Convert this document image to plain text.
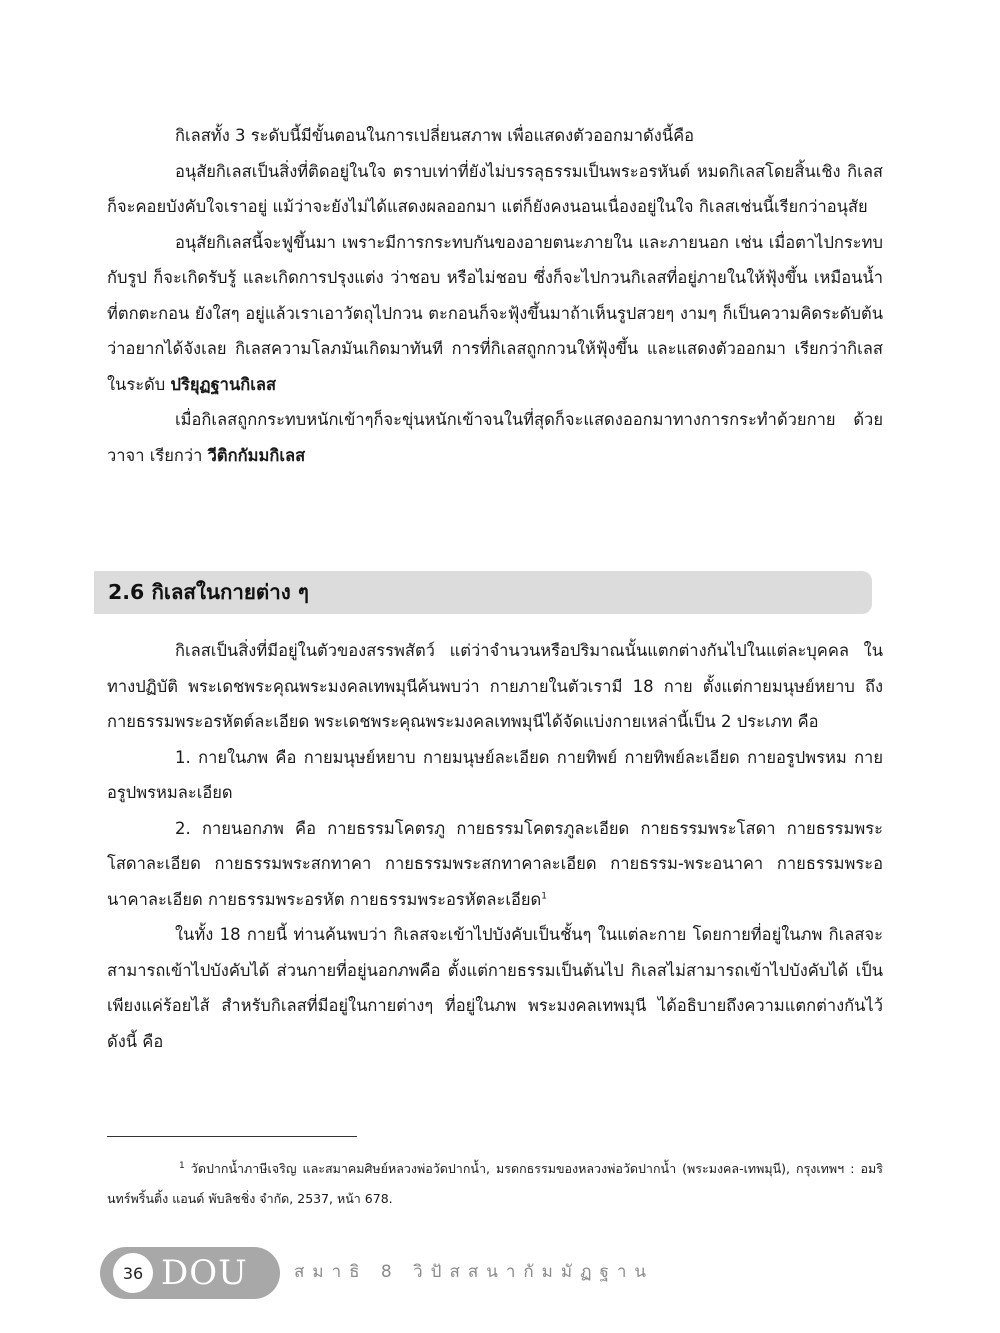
กิเลสทั้ง 3 ระดับนี้มีขั้นตอนในการเปลี่ยนสภาพ เพื่อแสดงตัวออกมาดังนี้คือ

อนุสัยกิเลสเป็นสิ่งที่ติดอยู่ในใจ ตราบเท่าที่ยังไม่บรรลุธรรมเป็นพระอรหันต์ หมดกิเลสโดยสิ้นเชิง กิเลสก็จะคอยบังคับใจเราอยู่ แม้ว่าจะยังไม่ได้แสดงผลออกมา แต่ก็ยังคงนอนเนื่องอยู่ในใจ กิเลสเช่นนี้เรียกว่าอนุสัย

อนุสัยกิเลสนี้จะฟูขึ้นมา เพราะมีการกระทบกันของอายตนะภายใน และภายนอก เช่น เมื่อตาไปกระทบกับรูป ก็จะเกิดรับรู้ และเกิดการปรุงแต่ง ว่าชอบ หรือไม่ชอบ ซึ่งก็จะไปกวนกิเลสที่อยู่ภายในให้ฟุ้งขึ้น เหมือนน้ำที่ตกตะกอน ยังใสๆ อยู่แล้วเราเอาวัตถุไปกวน ตะกอนก็จะฟุ้งขึ้นมาถ้าเห็นรูปสวยๆ งามๆ ก็เป็นความคิดระดับต้น ว่าอยากได้จังเลย กิเลสความโลภมันเกิดมาทันที การที่กิเลสถูกกวนให้ฟุ้งขึ้น และแสดงตัวออกมา เรียกว่ากิเลสในระดับ ปริยุฏฐานกิเลส

เมื่อกิเลสถูกกระทบหนักเข้าๆก็จะขุ่นหนักเข้าจนในที่สุดก็จะแสดงออกมาทางการกระทำด้วยกาย ด้วยวาจา เรียกว่า วีติกกัมมกิเลส

2.6 กิเลสในกายต่าง ๆ

กิเลสเป็นสิ่งที่มีอยู่ในตัวของสรรพสัตว์ แต่ว่าจำนวนหรือปริมาณนั้นแตกต่างกันไปในแต่ละบุคคล ในทางปฏิบัติ พระเดชพระคุณพระมงคลเทพมุนีค้นพบว่า กายภายในตัวเรามี 18 กาย ตั้งแต่กายมนุษย์หยาบ ถึง กายธรรมพระอรหัตต์ละเอียด พระเดชพระคุณพระมงคลเทพมุนีได้จัดแบ่งกายเหล่านี้เป็น 2 ประเภท คือ

1. กายในภพ คือ กายมนุษย์หยาบ กายมนุษย์ละเอียด กายทิพย์ กายทิพย์ละเอียด กายอรูปพรหม กายอรูปพรหมละเอียด

2. กายนอกภพ คือ กายธรรมโคตรภู กายธรรมโคตรภูละเอียด กายธรรมพระโสดา กายธรรมพระโสดาละเอียด กายธรรมพระสกทาคา กายธรรมพระสกทาคาละเอียด กายธรรม-พระอนาคา กายธรรมพระอนาคาละเอียด กายธรรมพระอรหัต กายธรรมพระอรหัตละเอียด$^1$

ในทั้ง 18 กายนี้ ท่านค้นพบว่า กิเลสจะเข้าไปบังคับเป็นชั้นๆ ในแต่ละกาย โดยกายที่อยู่ในภพ กิเลสจะสามารถเข้าไปบังคับได้ ส่วนกายที่อยู่นอกภพคือ ตั้งแต่กายธรรมเป็นต้นไป กิเลสไม่สามารถเข้าไปบังคับได้ เป็นเพียงแค่ร้อยไส้ สำหรับกิเลสที่มีอยู่ในกายต่างๆ ที่อยู่ในภพ พระมงคลเทพมุนี ได้อธิบายถึงความแตกต่างกันไว้ดังนี้ คือ

$^1$ วัดปากน้ำภาษีเจริญ และสมาคมศิษย์หลวงพ่อวัดปากน้ำ, มรดกธรรมของหลวงพ่อวัดปากน้ำ (พระมงคล-เทพมุนี), กรุงเทพฯ : อมรินทร์พริ้นติ้ง แอนด์ พับลิชชิ่ง จำกัด, 2537, หน้า 678.

36 DOU	สมาธิ 8 วิปัสสนากัมมัฏฐาน
